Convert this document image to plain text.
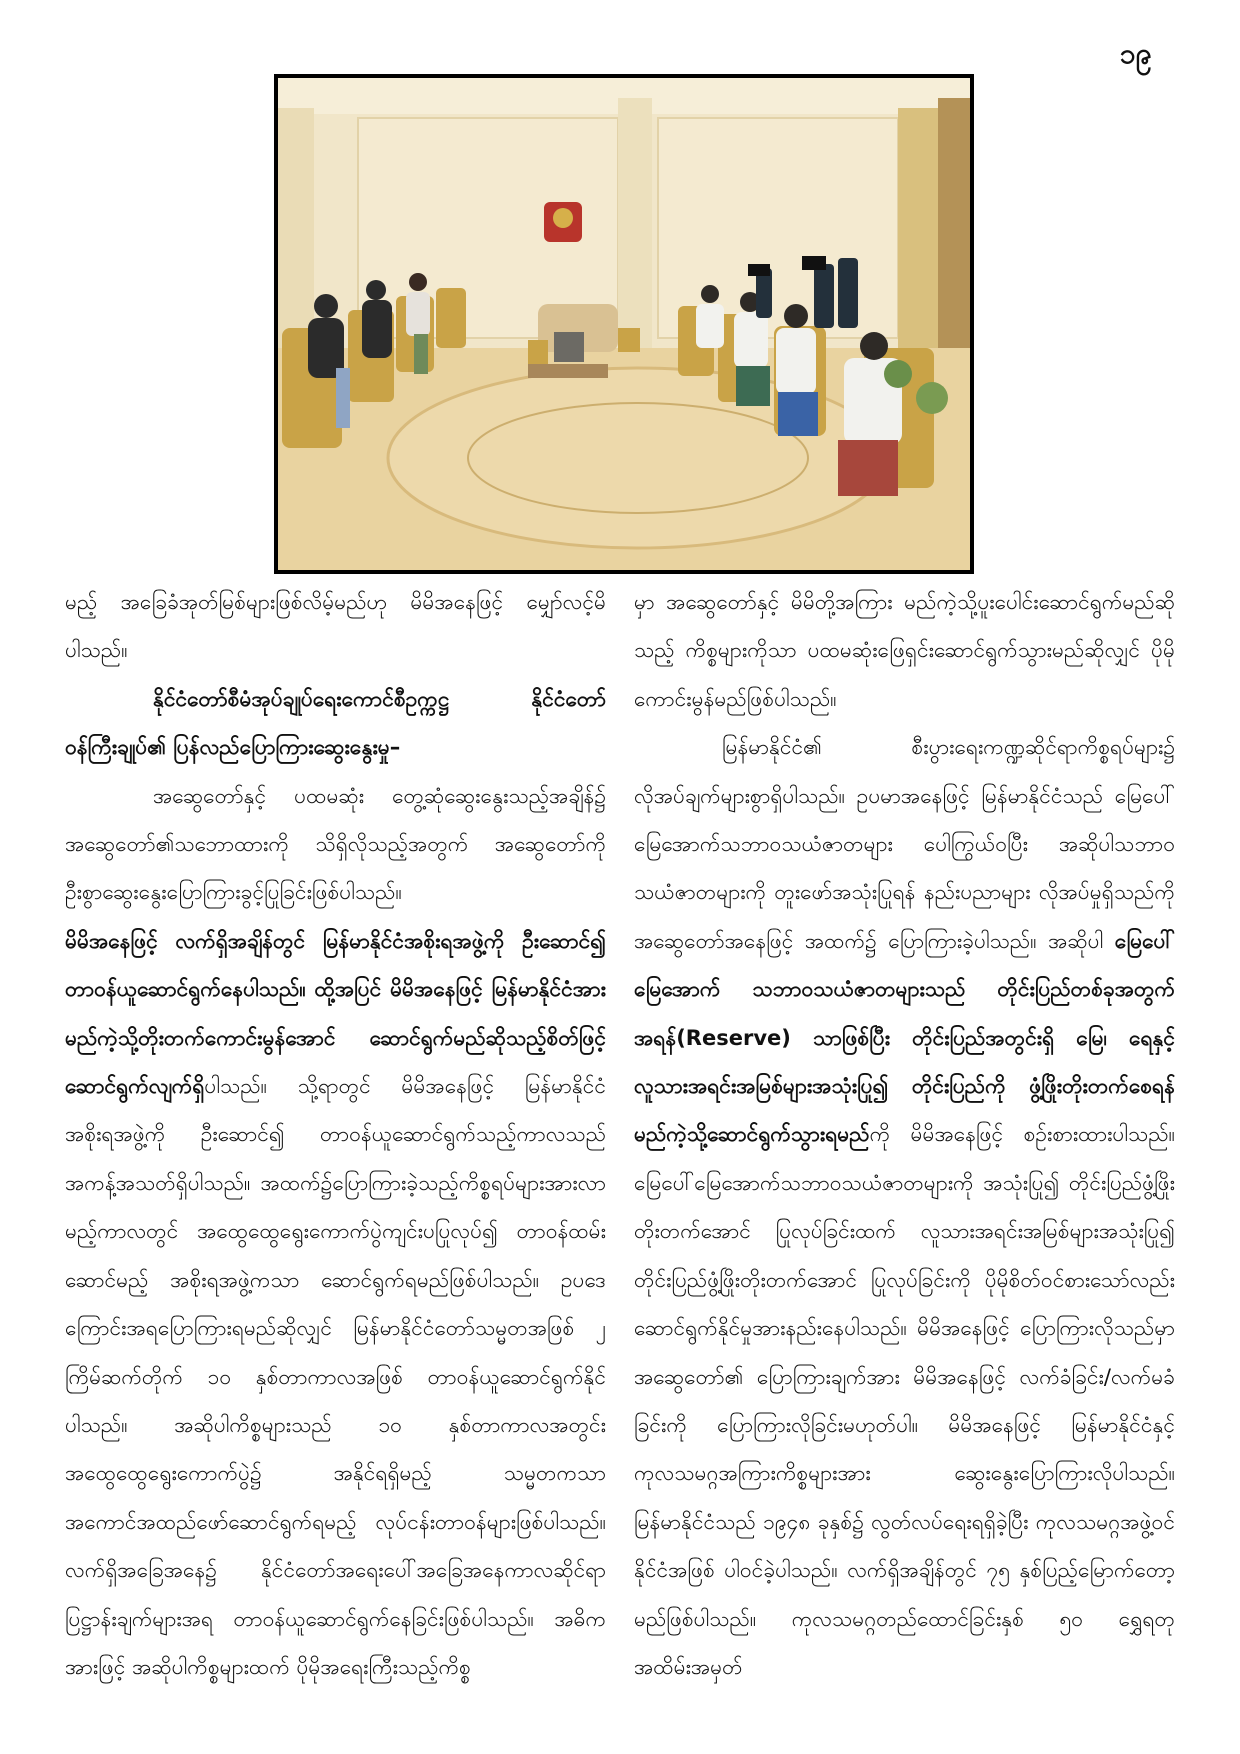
၁၉

မည့် အခြေခံအုတ်မြစ်များဖြစ်လိမ့်မည်ဟု မိမိအနေဖြင့် မျှော်လင့်မိပါသည်။

နိုင်ငံတော်စီမံအုပ်ချုပ်ရေးကောင်စီဥက္ကဋ္ဌ နိုင်ငံတော်ဝန်ကြီးချုပ်၏ ပြန်လည်ပြောကြားဆွေးနွေးမှု–

အဆွေတော်နှင့် ပထမဆုံး တွေ့ဆုံဆွေးနွေးသည့်အချိန်၌ အဆွေတော်၏သဘောထားကို သိရှိလိုသည့်အတွက် အဆွေတော်ကို ဦးစွာဆွေးနွေးပြောကြားခွင့်ပြုခြင်းဖြစ်ပါသည်။

မိမိအနေဖြင့် လက်ရှိအချိန်တွင် မြန်မာနိုင်ငံအစိုးရအဖွဲ့ကို ဦးဆောင်၍ တာဝန်ယူဆောင်ရွက်နေပါသည်။ ထို့အပြင် မိမိအနေဖြင့် မြန်မာနိုင်ငံအား မည်ကဲ့သို့တိုးတက်ကောင်းမွန်အောင် ဆောင်ရွက်မည်ဆိုသည့်စိတ်ဖြင့် ဆောင်ရွက်လျက်ရှိပါသည်။ သို့ရာတွင် မိမိအနေဖြင့် မြန်မာနိုင်ငံအစိုးရအဖွဲ့ကို ဦးဆောင်၍ တာဝန်ယူဆောင်ရွက်သည့်ကာလသည် အကန့်အသတ်ရှိပါသည်။ အထက်၌ပြောကြားခဲ့သည့်ကိစ္စရပ်များအားလာမည့်ကာလတွင် အထွေထွေရွေးကောက်ပွဲကျင်းပပြုလုပ်၍ တာဝန်ထမ်းဆောင်မည့် အစိုးရအဖွဲ့ကသာ ဆောင်ရွက်ရမည်ဖြစ်ပါသည်။ ဥပဒေကြောင်းအရပြောကြားရမည်ဆိုလျှင် မြန်မာနိုင်ငံတော်သမ္မတအဖြစ် ၂ ကြိမ်ဆက်တိုက် ၁၀ နှစ်တာကာလအဖြစ် တာဝန်ယူဆောင်ရွက်နိုင်ပါသည်။ အဆိုပါကိစ္စများသည် ၁၀ နှစ်တာကာလအတွင်း အထွေထွေရွေးကောက်ပွဲ၌ အနိုင်ရရှိမည့် သမ္မတကသာ အကောင်အထည်ဖော်ဆောင်ရွက်ရမည့် လုပ်ငန်းတာဝန်များဖြစ်ပါသည်။ လက်ရှိအခြေအနေ၌ နိုင်ငံတော်အရေးပေါ်အခြေအနေကာလဆိုင်ရာပြဋ္ဌာန်းချက်များအရ တာဝန်ယူဆောင်ရွက်နေခြင်းဖြစ်ပါသည်။ အဓိကအားဖြင့် အဆိုပါကိစ္စများထက် ပိုမိုအရေးကြီးသည့်ကိစ္စ

မှာ အဆွေတော်နှင့် မိမိတို့အကြား မည်ကဲ့သို့ပူးပေါင်းဆောင်ရွက်မည်ဆိုသည့် ကိစ္စများကိုသာ ပထမဆုံးဖြေရှင်းဆောင်ရွက်သွားမည်ဆိုလျှင် ပိုမိုကောင်းမွန်မည်ဖြစ်ပါသည်။

မြန်မာနိုင်ငံ၏ စီးပွားရေးကဏ္ဍဆိုင်ရာကိစ္စရပ်များ၌ လိုအပ်ချက်များစွာရှိပါသည်။ ဥပမာအနေဖြင့် မြန်မာနိုင်ငံသည် မြေပေါ်မြေအောက်သဘာဝသယံဇာတများ ပေါကြွယ်ဝပြီး အဆိုပါသဘာဝသယံဇာတများကို တူးဖော်အသုံးပြုရန် နည်းပညာများ လိုအပ်မှုရှိသည်ကို အဆွေတော်အနေဖြင့် အထက်၌ ပြောကြားခဲ့ပါသည်။ အဆိုပါ မြေပေါ်မြေအောက် သဘာဝသယံဇာတများသည် တိုင်းပြည်တစ်ခုအတွက် အရန်(Reserve) သာဖြစ်ပြီး တိုင်းပြည်အတွင်းရှိ မြေ၊ ရေနှင့် လူသားအရင်းအမြစ်များအသုံးပြု၍ တိုင်းပြည်ကို ဖွံ့ဖြိုးတိုးတက်စေရန် မည်ကဲ့သို့ဆောင်ရွက်သွားရမည်ကို မိမိအနေဖြင့် စဉ်းစားထားပါသည်။ မြေပေါ်မြေအောက်သဘာဝသယံဇာတများကို အသုံးပြု၍ တိုင်းပြည်ဖွံ့ဖြိုးတိုးတက်အောင် ပြုလုပ်ခြင်းထက် လူသားအရင်းအမြစ်များအသုံးပြု၍ တိုင်းပြည်ဖွံ့ဖြိုးတိုးတက်အောင် ပြုလုပ်ခြင်းကို ပိုမိုစိတ်ဝင်စားသော်လည်း ဆောင်ရွက်နိုင်မှုအားနည်းနေပါသည်။ မိမိအနေဖြင့် ပြောကြားလိုသည်မှာ အဆွေတော်၏ ပြောကြားချက်အား မိမိအနေဖြင့် လက်ခံခြင်း/လက်မခံခြင်းကို ပြောကြားလိုခြင်းမဟုတ်ပါ။ မိမိအနေဖြင့် မြန်မာနိုင်ငံနှင့် ကုလသမဂ္ဂအကြားကိစ္စများအား ဆွေးနွေးပြောကြားလိုပါသည်။ မြန်မာနိုင်ငံသည် ၁၉၄၈ ခုနှစ်၌ လွတ်လပ်ရေးရရှိခဲ့ပြီး ကုလသမဂ္ဂအဖွဲ့ဝင်နိုင်ငံအဖြစ် ပါဝင်ခဲ့ပါသည်။ လက်ရှိအချိန်တွင် ၇၅ နှစ်ပြည့်မြောက်တော့မည်ဖြစ်ပါသည်။ ကုလသမဂ္ဂတည်ထောင်ခြင်းနှစ် ၅၀ ရွှေရတု အထိမ်းအမှတ်
